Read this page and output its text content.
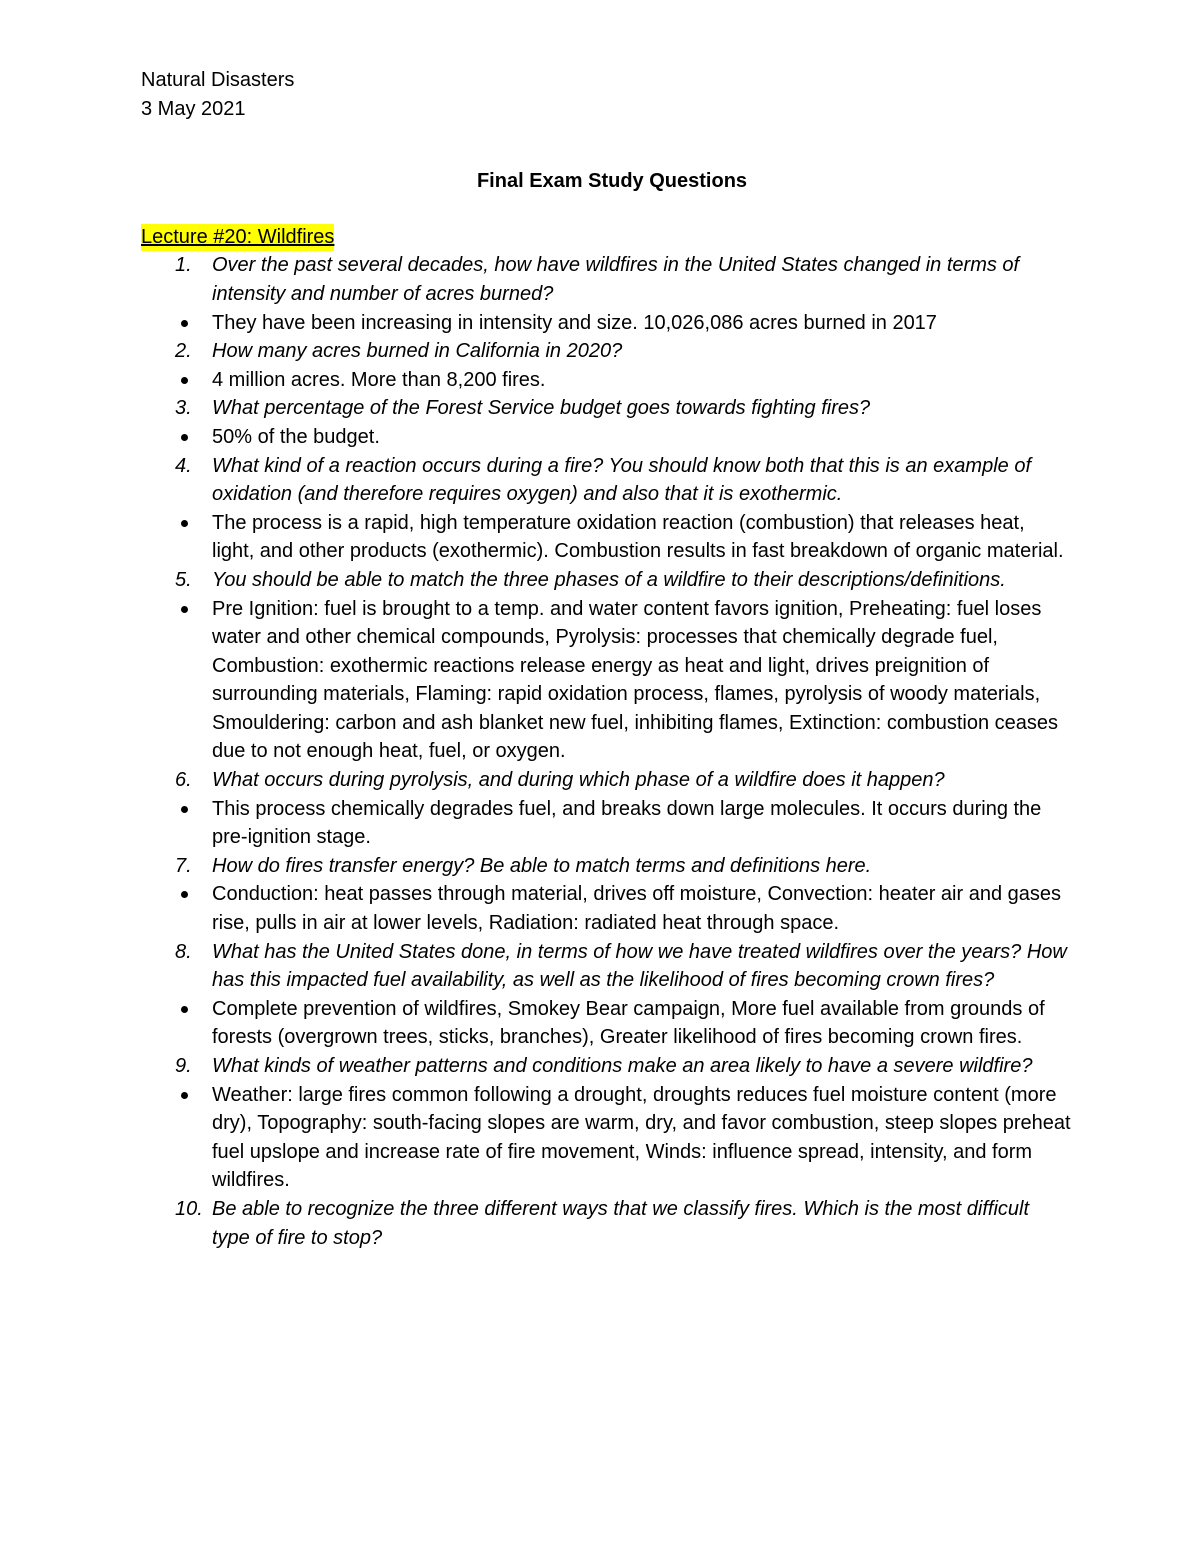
Natural Disasters
3 May 2021
Final Exam Study Questions
Lecture #20: Wildfires
1. Over the past several decades, how have wildfires in the United States changed in terms of intensity and number of acres burned?
They have been increasing in intensity and size. 10,026,086 acres burned in 2017
2. How many acres burned in California in 2020?
4 million acres. More than 8,200 fires.
3. What percentage of the Forest Service budget goes towards fighting fires?
50% of the budget.
4. What kind of a reaction occurs during a fire? You should know both that this is an example of oxidation (and therefore requires oxygen) and also that it is exothermic.
The process is a rapid, high temperature oxidation reaction (combustion) that releases heat, light, and other products (exothermic). Combustion results in fast breakdown of organic material.
5. You should be able to match the three phases of a wildfire to their descriptions/definitions.
Pre Ignition: fuel is brought to a temp. and water content favors ignition, Preheating: fuel loses water and other chemical compounds, Pyrolysis: processes that chemically degrade fuel, Combustion: exothermic reactions release energy as heat and light, drives preignition of surrounding materials, Flaming: rapid oxidation process, flames, pyrolysis of woody materials, Smouldering: carbon and ash blanket new fuel, inhibiting flames, Extinction: combustion ceases due to not enough heat, fuel, or oxygen.
6. What occurs during pyrolysis, and during which phase of a wildfire does it happen?
This process chemically degrades fuel, and breaks down large molecules. It occurs during the pre-ignition stage.
7. How do fires transfer energy? Be able to match terms and definitions here.
Conduction: heat passes through material, drives off moisture, Convection: heater air and gases rise, pulls in air at lower levels, Radiation: radiated heat through space.
8. What has the United States done, in terms of how we have treated wildfires over the years? How has this impacted fuel availability, as well as the likelihood of fires becoming crown fires?
Complete prevention of wildfires, Smokey Bear campaign, More fuel available from grounds of forests (overgrown trees, sticks, branches), Greater likelihood of fires becoming crown fires.
9. What kinds of weather patterns and conditions make an area likely to have a severe wildfire?
Weather: large fires common following a drought, droughts reduces fuel moisture content (more dry), Topography: south-facing slopes are warm, dry, and favor combustion, steep slopes preheat fuel upslope and increase rate of fire movement, Winds: influence spread, intensity, and form wildfires.
10. Be able to recognize the three different ways that we classify fires. Which is the most difficult type of fire to stop?
